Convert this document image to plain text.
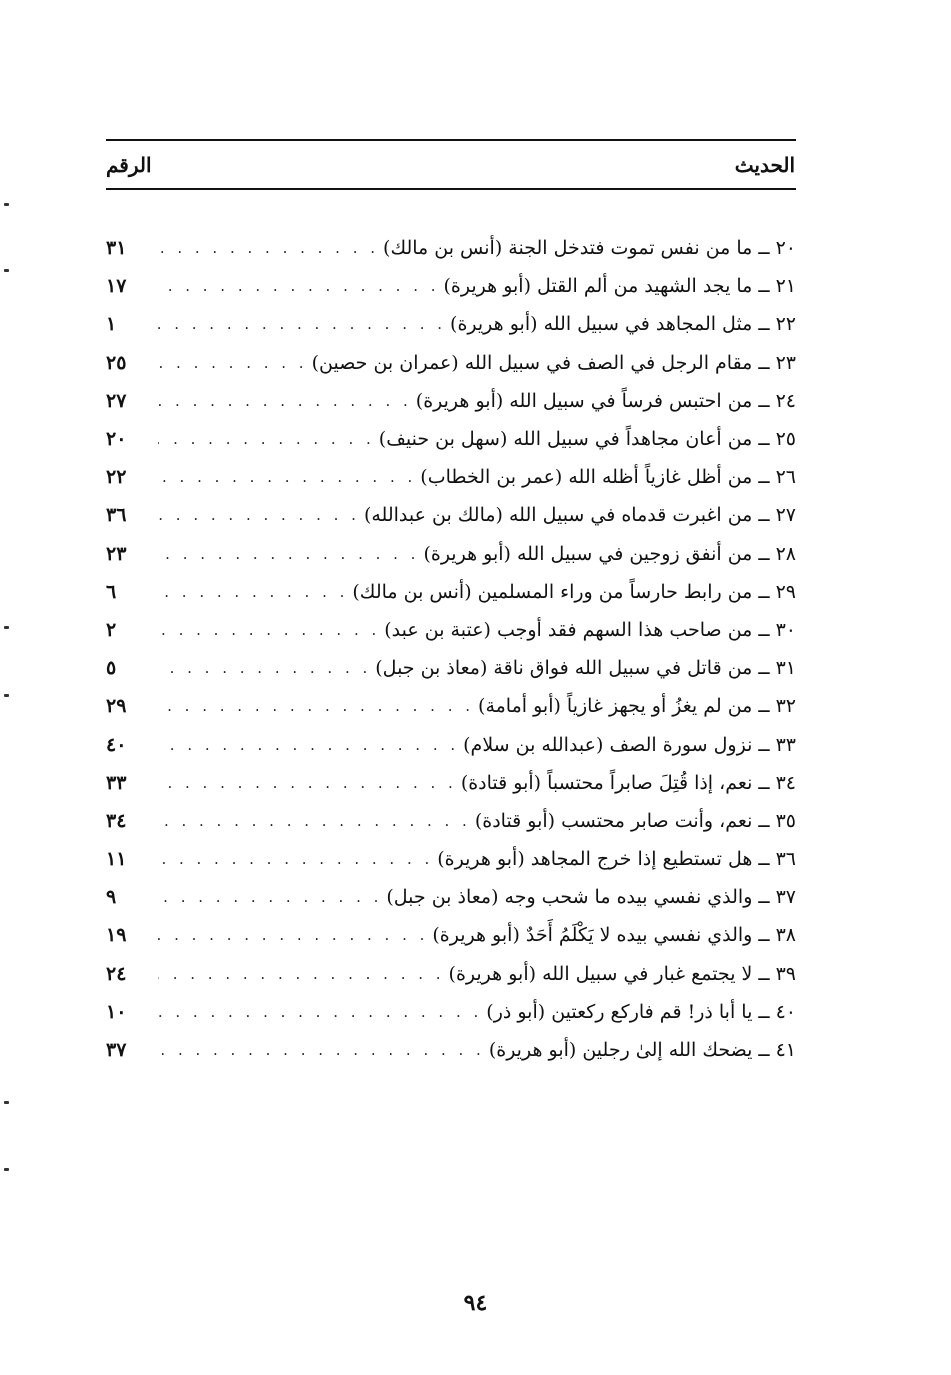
الحديث
الرقم
٢٠ ــ ما من نفس تموت فتدخل الجنة (أنس بن مالك)
. . .
٣١
٢١ ــ ما يجد الشهيد من ألم القتل (أبو هريرة)
. . .
١٧
٢٢ ــ مثل المجاهد في سبيل الله (أبو هريرة)
. . .
١
٢٣ ــ مقام الرجل في الصف في سبيل الله (عمران بن حصين)
. . .
٢٥
٢٤ ــ من احتبس فرساً في سبيل الله (أبو هريرة)
. . .
٢٧
٢٥ ــ من أعان مجاهداً في سبيل الله (سهل بن حنيف)
. . .
٢٠
٢٦ ــ من أظل غازياً أظله الله (عمر بن الخطاب)
. . .
٢٢
٢٧ ــ من اغبرت قدماه في سبيل الله (مالك بن عبدالله)
. . .
٣٦
٢٨ ــ من أنفق زوجين في سبيل الله (أبو هريرة)
. . .
٢٣
٢٩ ــ من رابط حارساً من وراء المسلمين (أنس بن مالك)
. . .
٦
٣٠ ــ من صاحب هذا السهم فقد أوجب (عتبة بن عبد)
. . .
٢
٣١ ــ من قاتل في سبيل الله فواق ناقة (معاذ بن جبل)
. . .
٥
٣٢ ــ من لم يغزُ أو يجهز غازياً (أبو أمامة)
. . .
٢٩
٣٣ ــ نزول سورة الصف (عبدالله بن سلام)
. . .
٤٠
٣٤ ــ نعم، إذا قُتِلَ صابراً محتسباً (أبو قتادة)
. . .
٣٣
٣٥ ــ نعم، وأنت صابر محتسب (أبو قتادة)
. . .
٣٤
٣٦ ــ هل تستطيع إذا خرج المجاهد (أبو هريرة)
. . .
١١
٣٧ ــ والذي نفسي بيده ما شحب وجه (معاذ بن جبل)
. . .
٩
٣٨ ــ والذي نفسي بيده لا يَكْلَمُ أَحَدٌ (أبو هريرة)
. . .
١٩
٣٩ ــ لا يجتمع غبار في سبيل الله (أبو هريرة)
. . .
٢٤
٤٠ ــ يا أبا ذر! قم فاركع ركعتين (أبو ذر)
. . .
١٠
٤١ ــ يضحك الله إلىٰ رجلين (أبو هريرة)
. . .
٣٧
٩٤
